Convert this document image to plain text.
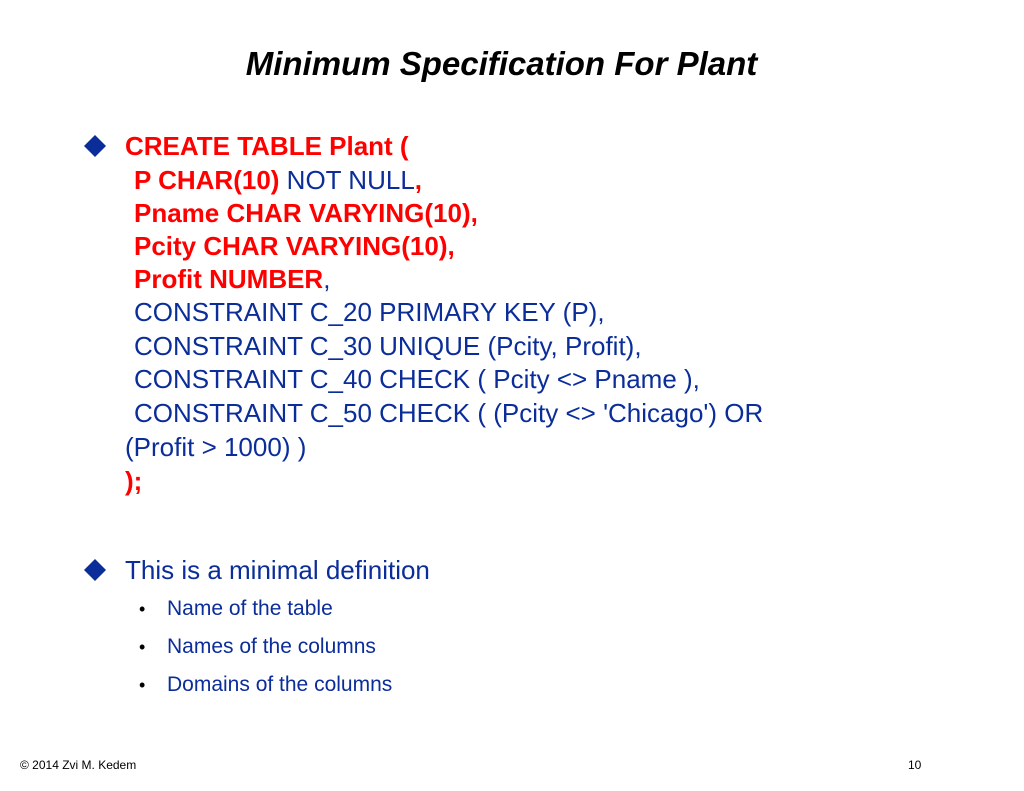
Minimum Specification For Plant
CREATE TABLE Plant (
P CHAR(10) NOT NULL,
Pname CHAR VARYING(10),
Pcity CHAR VARYING(10),
Profit NUMBER,
CONSTRAINT C_20 PRIMARY KEY (P),
CONSTRAINT C_30 UNIQUE (Pcity, Profit),
CONSTRAINT C_40 CHECK ( Pcity <> Pname ),
CONSTRAINT C_50 CHECK ( (Pcity <> 'Chicago') OR
(Profit > 1000) )
);
This is a minimal definition
• Name of the table
• Names of the columns
• Domains of the columns
© 2014 Zvi M. Kedem	10
